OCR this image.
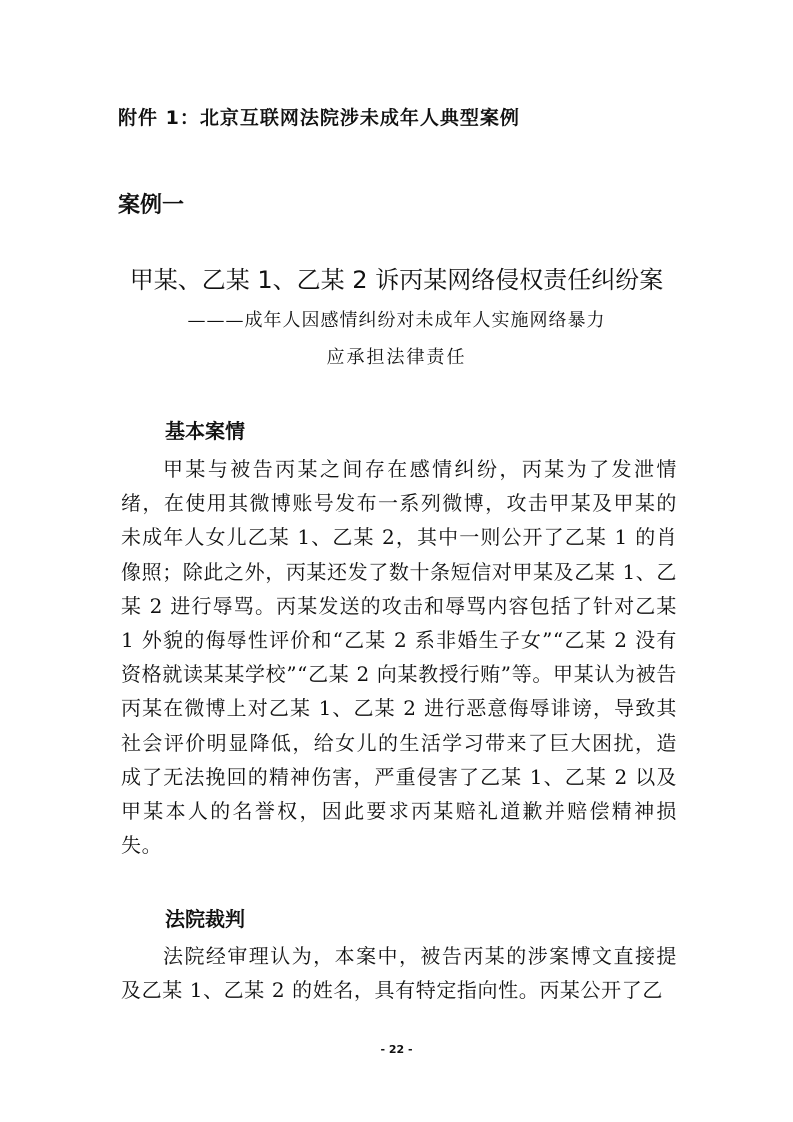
附件 1：北京互联网法院涉未成年人典型案例
案例一
甲某、乙某 1、乙某 2 诉丙某网络侵权责任纠纷案
———成年人因感情纠纷对未成年人实施网络暴力
应承担法律责任
基本案情
甲某与被告丙某之间存在感情纠纷，丙某为了发泄情绪，在使用其微博账号发布一系列微博，攻击甲某及甲某的未成年人女儿乙某 1、乙某 2，其中一则公开了乙某 1 的肖像照；除此之外，丙某还发了数十条短信对甲某及乙某 1、乙某 2 进行辱骂。丙某发送的攻击和辱骂内容包括了针对乙某 1 外貌的侮辱性评价和“乙某 2 系非婚生子女”“乙某 2 没有资格就读某某学校”“乙某 2 向某教授行贿”等。甲某认为被告丙某在微博上对乙某 1、乙某 2 进行恶意侮辱诽谤，导致其社会评价明显降低，给女儿的生活学习带来了巨大困扰，造成了无法挽回的精神伤害，严重侵害了乙某 1、乙某 2 以及甲某本人的名誉权，因此要求丙某赔礼道歉并赔偿精神损失。
法院裁判
法院经审理认为，本案中，被告丙某的涉案博文直接提及乙某 1、乙某 2 的姓名，具有特定指向性。丙某公开了乙
- 22 -
